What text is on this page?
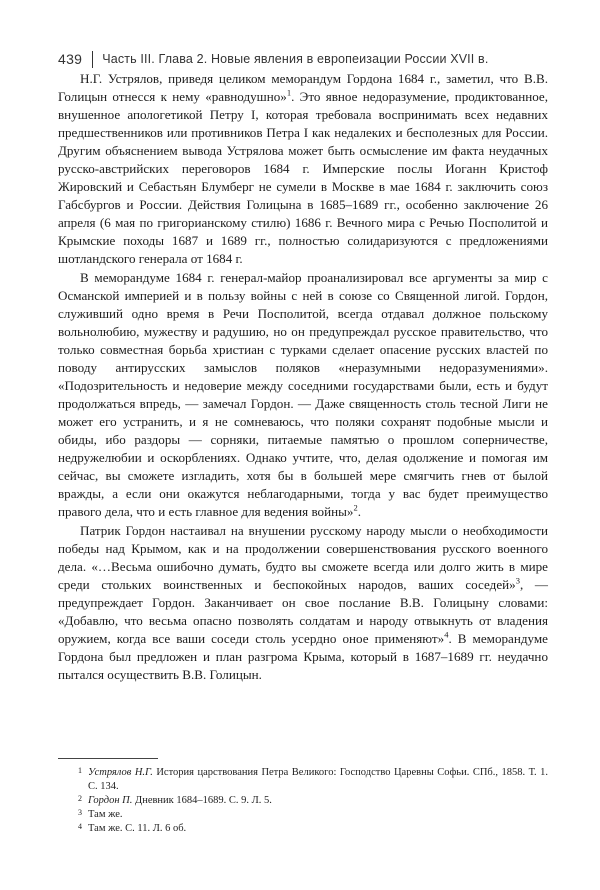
439 Часть III. Глава 2. Новые явления в европеизации России XVII в.

Н.Г. Устрялов, приведя целиком меморандум Гордона 1684 г., заметил, что В.В. Голицын отнесся к нему «равнодушно»$^1$. Это явное недоразумение, продиктованное, внушенное апологетикой Петру I, которая требовала воспринимать всех недавних предшественников или противников Петра I как недалеких и бесполезных для России. Другим объяснением вывода Устрялова может быть осмысление им факта неудачных русско-австрийских переговоров 1684 г. Имперские послы Иоганн Кристоф Жировский и Себастьян Блумберг не сумели в Москве в мае 1684 г. заключить союз Габсбургов и России. Действия Голицына в 1685–1689 гг., особенно заключение 26 апреля (6 мая по григорианскому стилю) 1686 г. Вечного мира с Речью Посполитой и Крымские походы 1687 и 1689 гг., полностью солидаризуются с предложениями шотландского генерала от 1684 г.

В меморандуме 1684 г. генерал-майор проанализировал все аргументы за мир с Османской империей и в пользу войны с ней в союзе со Священной лигой. Гордон, служивший одно время в Речи Посполитой, всегда отдавал должное польскому вольнолюбию, мужеству и радушию, но он предупреждал русское правительство, что только совместная борьба христиан с турками сделает опасение русских властей по поводу антирусских замыслов поляков «неразумными недоразумениями». «Подозрительность и недоверие между соседними государствами были, есть и будут продолжаться впредь, — замечал Гордон. — Даже священность столь тесной Лиги не может его устранить, и я не сомневаюсь, что поляки сохранят подобные мысли и обиды, ибо раздоры — сорняки, питаемые памятью о прошлом соперничестве, недружелюбии и оскорблениях. Однако учтите, что, делая одолжение и помогая им сейчас, вы сможете изгладить, хотя бы в большей мере смягчить гнев от былой вражды, а если они окажутся неблагодарными, тогда у вас будет преимущество правого дела, что и есть главное для ведения войны»$^2$.

Патрик Гордон настаивал на внушении русскому народу мысли о необходимости победы над Крымом, как и на продолжении совершенствования русского военного дела. «…Весьма ошибочно думать, будто вы сможете всегда или долго жить в мире среди стольких воинственных и беспокойных народов, ваших соседей»$^3$, — предупреждает Гордон. Заканчивает он свое послание В.В. Голицыну словами: «Добавлю, что весьма опасно позволять солдатам и народу отвыкнуть от владения оружием, когда все ваши соседи столь усердно оное применяют»$^4$. В меморандуме Гордона был предложен и план разгрома Крыма, который в 1687–1689 гг. неудачно пытался осуществить В.В. Голицын.

1 Устрялов Н.Г. История царствования Петра Великого: Господство Царевны Софьи. СПб., 1858. Т. 1. С. 134.

2 Гордон П. Дневник 1684–1689. С. 9. Л. 5.

3 Там же.

4 Там же. С. 11. Л. 6 об.
